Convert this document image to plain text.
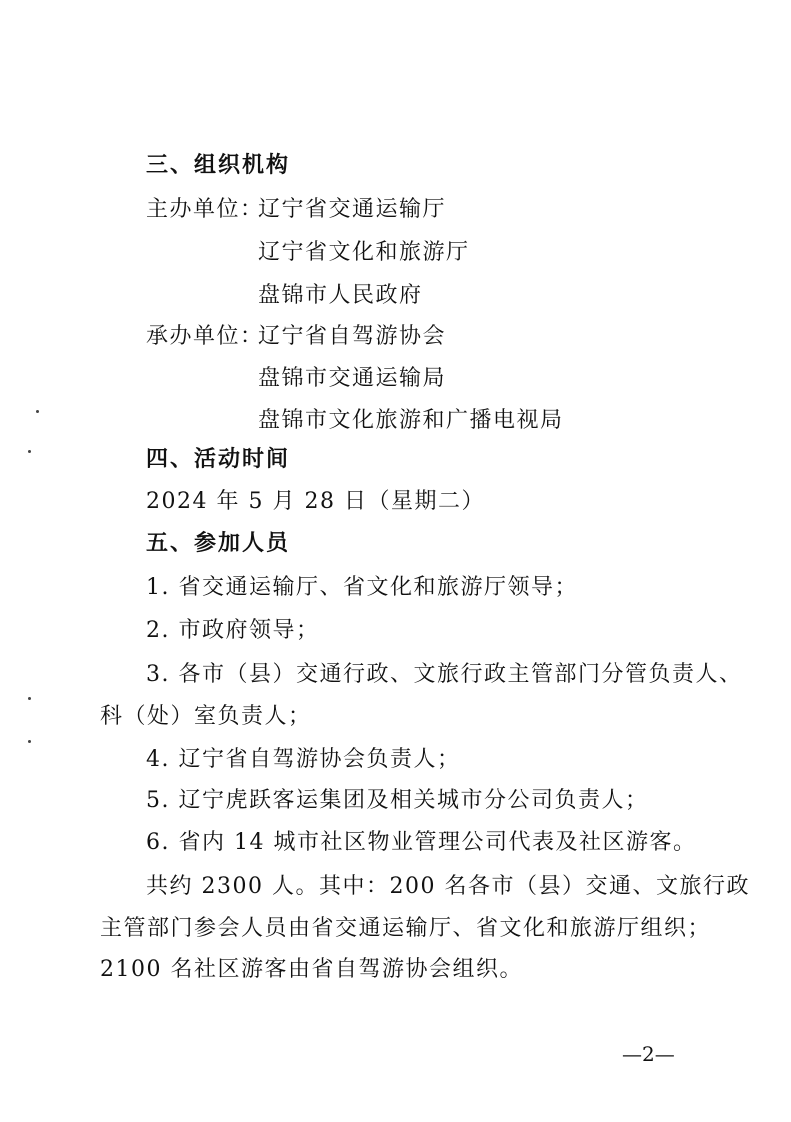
三、组织机构
主办单位：
辽宁省交通运输厅
辽宁省文化和旅游厅
盘锦市人民政府
承办单位：
辽宁省自驾游协会
盘锦市交通运输局
盘锦市文化旅游和广播电视局
四、活动时间
2024 年 5 月 28 日（星期二）
五、参加人员
1. 省交通运输厅、省文化和旅游厅领导；
2. 市政府领导；
3. 各市（县）交通行政、文旅行政主管部门分管负责人、
科（处）室负责人；
4. 辽宁省自驾游协会负责人；
5. 辽宁虎跃客运集团及相关城市分公司负责人；
6. 省内 14 城市社区物业管理公司代表及社区游客。
共约 2300 人。其中：200 名各市（县）交通、文旅行政
主管部门参会人员由省交通运输厅、省文化和旅游厅组织；
2100 名社区游客由省自驾游协会组织。
—2—
